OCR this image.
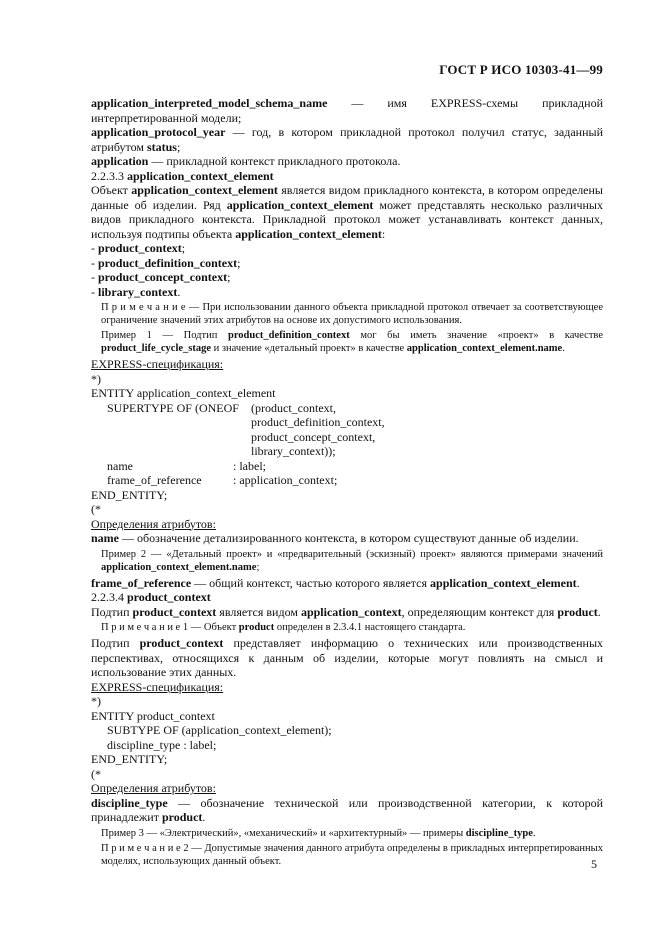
ГОСТ Р ИСО 10303-41—99

application_interpreted_model_schema_name — имя EXPRESS-схемы прикладной интерпретированной модели;

application_protocol_year — год, в котором прикладной протокол получил статус, заданный атрибутом status;

application — прикладной контекст прикладного протокола.

2.2.3.3 application_context_element

Объект application_context_element является видом прикладного контекста, в котором определены данные об изделии. Ряд application_context_element может представлять несколько различных видов прикладного контекста. Прикладной протокол может устанавливать контекст данных, используя подтипы объекта application_context_element:

- product_context;

- product_definition_context;

- product_concept_context;

- library_context.

П р и м е ч а н и е — При использовании данного объекта прикладной протокол отвечает за соответствующее ограничение значений этих атрибутов на основе их допустимого использования.

Пример 1 — Подтип product_definition_context мог бы иметь значение «проект» в качестве product_life_cycle_stage и значение «детальный проект» в качестве application_context_element.name.

EXPRESS-спецификация:

*)
ENTITY application_context_element
SUPERTYPE OF (ONEOF (product_context,
product_definition_context,
product_concept_context,
library_context));
name	: label;
frame_of_reference	: application_context;
END_ENTITY;
(*

Определения атрибутов:

name — обозначение детализированного контекста, в котором существуют данные об изделии.

Пример 2 — «Детальный проект» и «предварительный (эскизный) проект» являются примерами значений application_context_element.name;

frame_of_reference — общий контекст, частью которого является application_context_element.

2.2.3.4 product_context

Подтип product_context является видом application_context, определяющим контекст для product.

П р и м е ч а н и е 1 — Объект product определен в 2.3.4.1 настоящего стандарта.

Подтип product_context представляет информацию о технических или производственных перспективах, относящихся к данным об изделии, которые могут повлиять на смысл и использование этих данных.

EXPRESS-спецификация:

*)
ENTITY product_context
SUBTYPE OF (application_context_element);
discipline_type : label;
END_ENTITY;
(*

Определения атрибутов:

discipline_type — обозначение технической или производственной категории, к которой принадлежит product.

Пример 3 — «Электрический», «механический» и «архитектурный» — примеры discipline_type.

П р и м е ч а н и е 2 — Допустимые значения данного атрибута определены в прикладных интерпретированных моделях, использующих данный объект.	5
